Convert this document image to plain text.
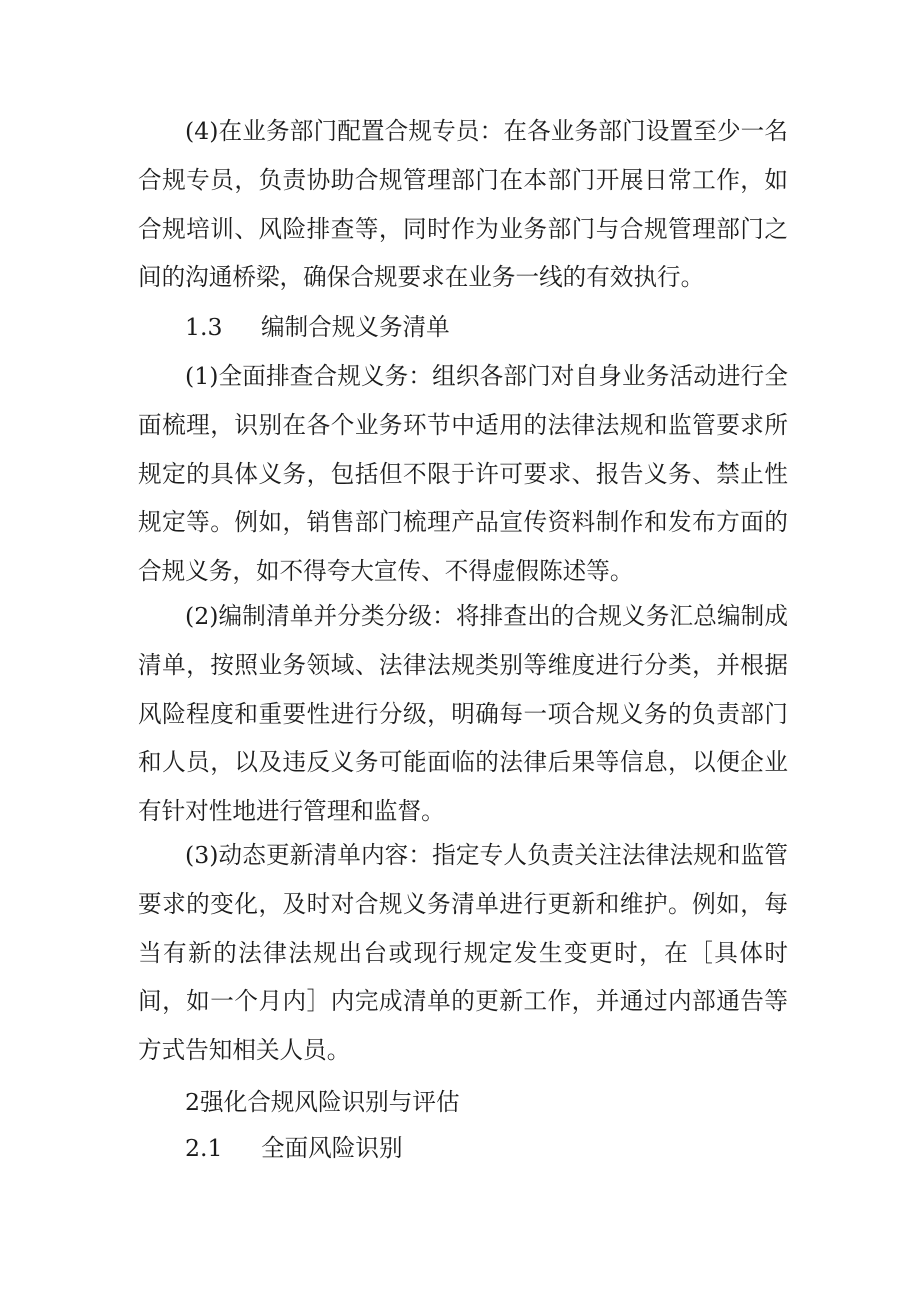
(4)在业务部门配置合规专员：在各业务部门设置至少一名合规专员，负责协助合规管理部门在本部门开展日常工作，如合规培训、风险排查等，同时作为业务部门与合规管理部门之间的沟通桥梁，确保合规要求在业务一线的有效执行。

1.3 编制合规义务清单

(1)全面排查合规义务：组织各部门对自身业务活动进行全面梳理，识别在各个业务环节中适用的法律法规和监管要求所规定的具体义务，包括但不限于许可要求、报告义务、禁止性规定等。例如，销售部门梳理产品宣传资料制作和发布方面的合规义务，如不得夸大宣传、不得虚假陈述等。

(2)编制清单并分类分级：将排查出的合规义务汇总编制成清单，按照业务领域、法律法规类别等维度进行分类，并根据风险程度和重要性进行分级，明确每一项合规义务的负责部门和人员，以及违反义务可能面临的法律后果等信息，以便企业有针对性地进行管理和监督。

(3)动态更新清单内容：指定专人负责关注法律法规和监管要求的变化，及时对合规义务清单进行更新和维护。例如，每当有新的法律法规出台或现行规定发生变更时，在［具体时间，如一个月内］内完成清单的更新工作，并通过内部通告等方式告知相关人员。

2强化合规风险识别与评估
2.1 全面风险识别
